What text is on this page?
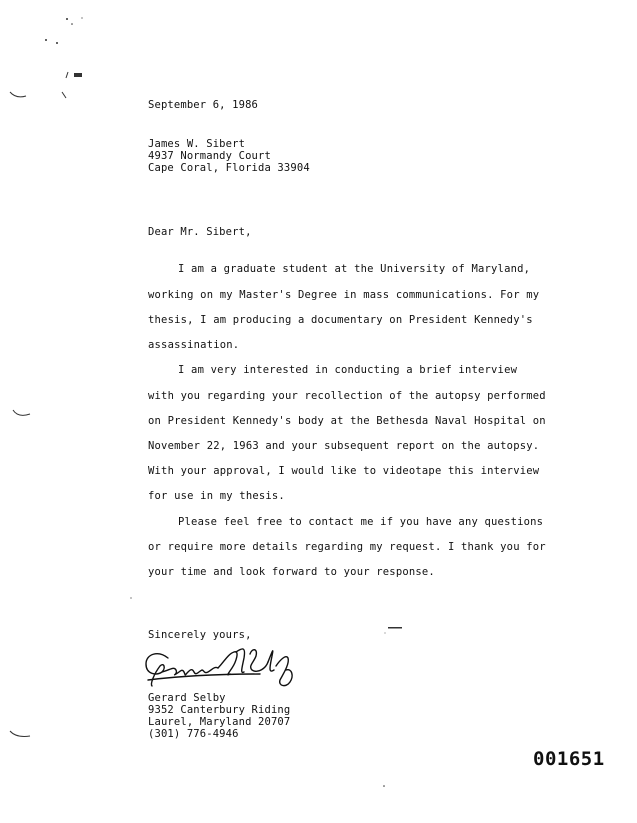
September 6, 1986
James W. Sibert
4937 Normandy Court
Cape Coral, Florida 33904
Dear Mr. Sibert,
I am a graduate student at the University of Maryland,
working on my Master's Degree in mass communications. For my
thesis, I am producing a documentary on President Kennedy's
assassination.
I am very interested in conducting a brief interview
with you regarding your recollection of the autopsy performed
on President Kennedy's body at the Bethesda Naval Hospital on
November 22, 1963 and your subsequent report on the autopsy.
With your approval, I would like to videotape this interview
for use in my thesis.
Please feel free to contact me if you have any questions
or require more details regarding my request. I thank you for
your time and look forward to your response.
Sincerely yours,
Gerard Selby
9352 Canterbury Riding
Laurel, Maryland 20707
(301) 776-4946
001651
